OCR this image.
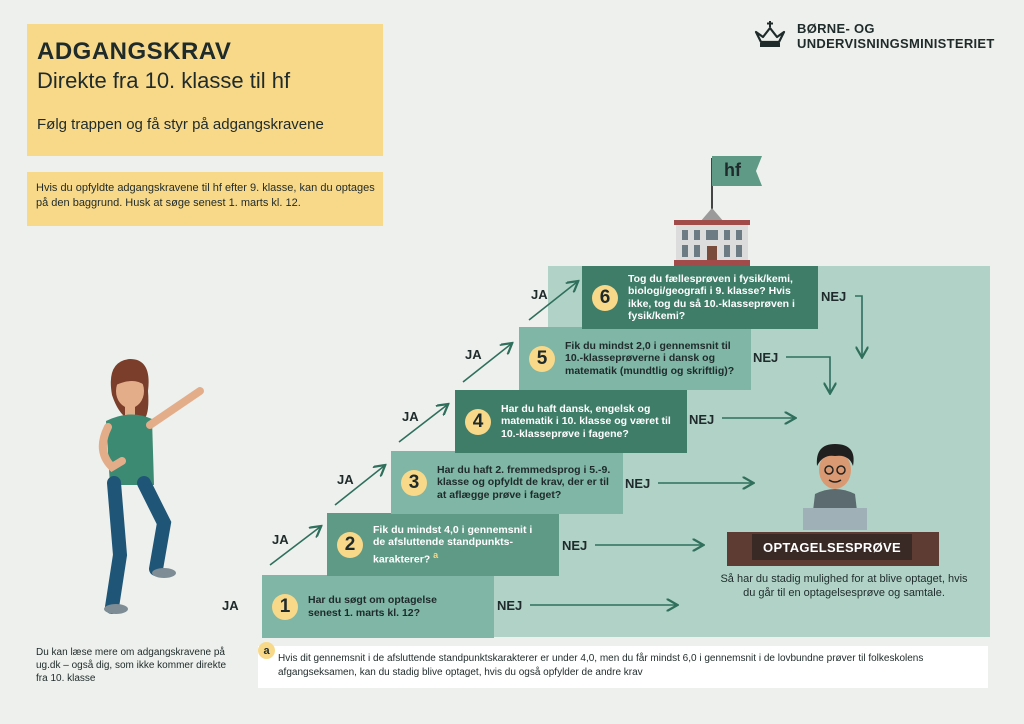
ADGANGSKRAV
Direkte fra 10. klasse til hf
Følg trappen og få styr på adgangskravene
Hvis du opfyldte adgangskravene til hf efter 9. klasse, kan du optages på den baggrund. Husk at søge senest 1. marts kl. 12.
BØRNE- OG
UNDERVISNINGSMINISTERIET
hf
1	Har du søgt om optagelse senest 1. marts kl. 12?
2
Fik du mindst 4,0 i gennemsnit i de afsluttende standpunkts-karakterer? $^a$
3
Har du haft 2. fremmedsprog i 5.-9. klasse og opfyldt de krav, der er til at aflægge prøve i faget?
4
Har du haft dansk, engelsk og matematik i 10. klasse og været til 10.-klasseprøve i fagene?
5
Fik du mindst 2,0 i gennemsnit til 10.-klasseprøverne i dansk og matematik (mundtlig og skriftlig)?
6
Tog du fællesprøven i fysik/kemi, biologi/geografi i 9. klasse? Hvis ikke, tog du så 10.-klasseprøven i fysik/kemi?
JA
JA
JA
JA
JA
JA
NEJ
NEJ
NEJ
NEJ
NEJ
NEJ
OPTAGELSESPRØVE
Så har du stadig mulighed for at blive optaget, hvis du går til en optagelsesprøve og samtale.
Du kan læse mere om adgangskravene på ug.dk – også dig, som ikke kommer direkte fra 10. klasse
a
Hvis dit gennemsnit i de afsluttende standpunktskarakterer er under 4,0, men du får mindst 6,0 i gennemsnit i de lovbundne prøver til folkeskolens afgangseksamen, kan du stadig blive optaget, hvis du også opfylder de andre krav
